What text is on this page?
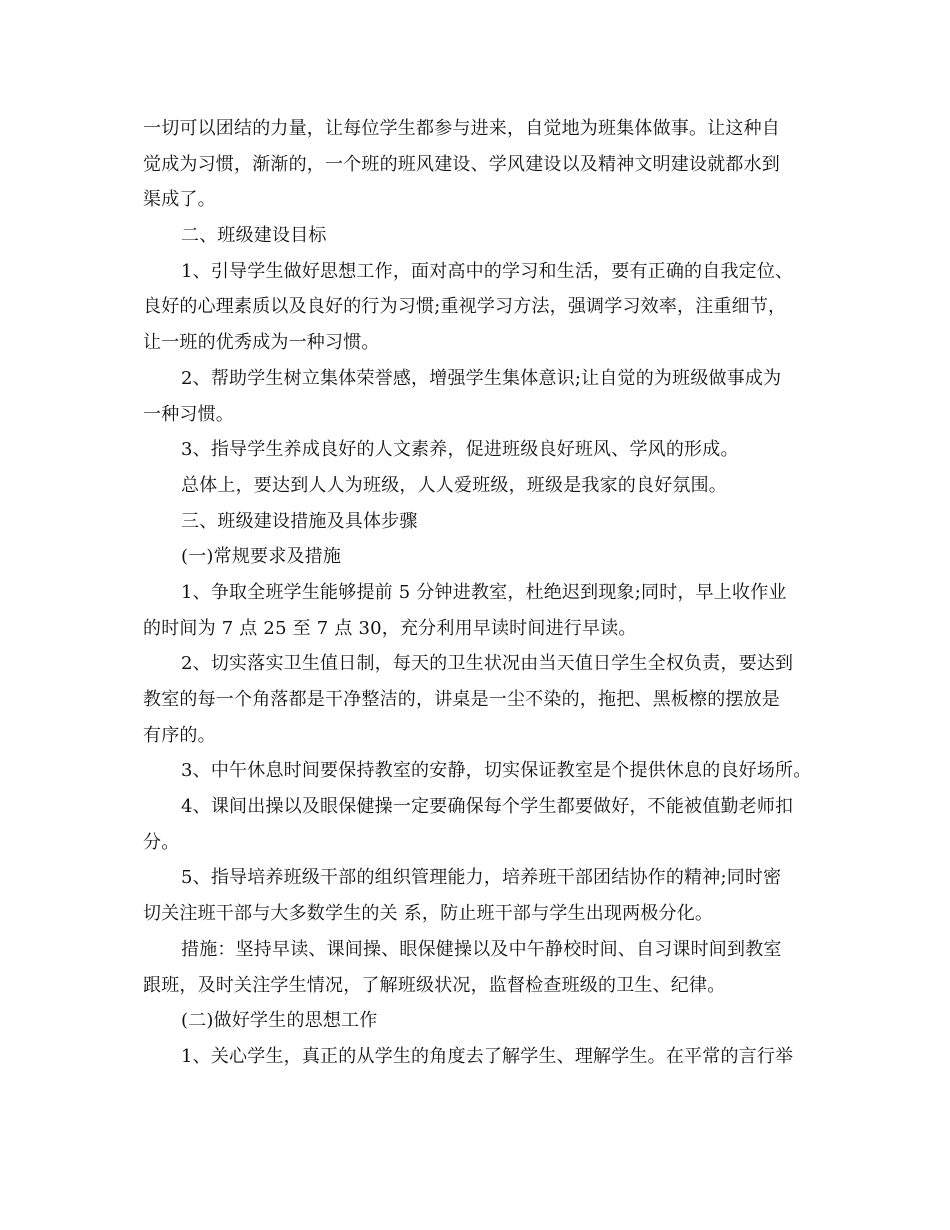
一切可以团结的力量，让每位学生都参与进来，自觉地为班集体做事。让这种自
觉成为习惯，渐渐的，一个班的班风建设、学风建设以及精神文明建设就都水到
渠成了。
二、班级建设目标
1、引导学生做好思想工作，面对高中的学习和生活，要有正确的自我定位、
良好的心理素质以及良好的行为习惯;重视学习方法，强调学习效率，注重细节，
让一班的优秀成为一种习惯。
2、帮助学生树立集体荣誉感，增强学生集体意识;让自觉的为班级做事成为
一种习惯。
3、指导学生养成良好的人文素养，促进班级良好班风、学风的形成。
总体上，要达到人人为班级，人人爱班级，班级是我家的良好氛围。
三、班级建设措施及具体步骤
(一)常规要求及措施
1、争取全班学生能够提前 5 分钟进教室，杜绝迟到现象;同时，早上收作业
的时间为 7 点 25 至 7 点 30，充分利用早读时间进行早读。
2、切实落实卫生值日制，每天的卫生状况由当天值日学生全权负责，要达到
教室的每一个角落都是干净整洁的，讲桌是一尘不染的，拖把、黑板檫的摆放是
有序的。
3、中午休息时间要保持教室的安静，切实保证教室是个提供休息的良好场所。
4、课间出操以及眼保健操一定要确保每个学生都要做好，不能被值勤老师扣
分。
5、指导培养班级干部的组织管理能力，培养班干部团结协作的精神;同时密
切关注班干部与大多数学生的关 系，防止班干部与学生出现两极分化。
措施：坚持早读、课间操、眼保健操以及中午静校时间、自习课时间到教室
跟班，及时关注学生情况，了解班级状况，监督检查班级的卫生、纪律。
(二)做好学生的思想工作
1、关心学生，真正的从学生的角度去了解学生、理解学生。在平常的言行举
